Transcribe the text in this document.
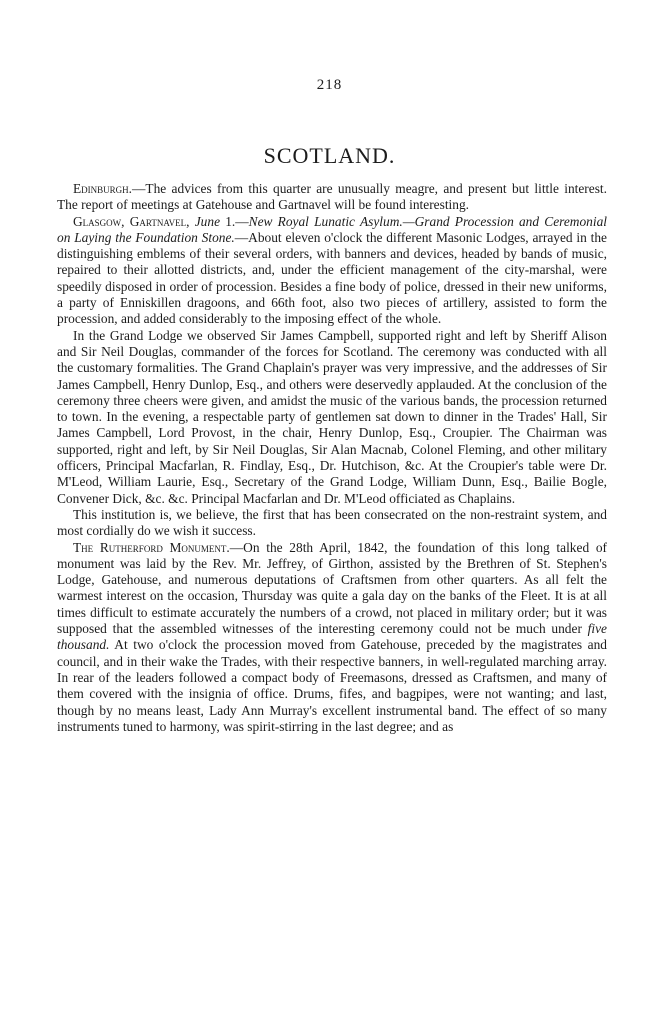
218
SCOTLAND.

Edinburgh.—The advices from this quarter are unusually meagre, and present but little interest. The report of meetings at Gatehouse and Gartnavel will be found interesting.

Glasgow, Gartnavel, June 1.—New Royal Lunatic Asylum.—Grand Procession and Ceremonial on Laying the Foundation Stone.—About eleven o'clock the different Masonic Lodges, arrayed in the distinguishing emblems of their several orders, with banners and devices, headed by bands of music, repaired to their allotted districts, and, under the efficient management of the city-marshal, were speedily disposed in order of procession. Besides a fine body of police, dressed in their new uniforms, a party of Enniskillen dragoons, and 66th foot, also two pieces of artillery, assisted to form the procession, and added considerably to the imposing effect of the whole.

In the Grand Lodge we observed Sir James Campbell, supported right and left by Sheriff Alison and Sir Neil Douglas, commander of the forces for Scotland. The ceremony was conducted with all the customary formalities. The Grand Chaplain's prayer was very impressive, and the addresses of Sir James Campbell, Henry Dunlop, Esq., and others were deservedly applauded. At the conclusion of the ceremony three cheers were given, and amidst the music of the various bands, the procession returned to town. In the evening, a respectable party of gentlemen sat down to dinner in the Trades' Hall, Sir James Campbell, Lord Provost, in the chair, Henry Dunlop, Esq., Croupier. The Chairman was supported, right and left, by Sir Neil Douglas, Sir Alan Macnab, Colonel Fleming, and other military officers, Principal Macfarlan, R. Findlay, Esq., Dr. Hutchison, &c. At the Croupier's table were Dr. M'Leod, William Laurie, Esq., Secretary of the Grand Lodge, William Dunn, Esq., Bailie Bogle, Convener Dick, &c. &c. Principal Macfarlan and Dr. M'Leod officiated as Chaplains.

This institution is, we believe, the first that has been consecrated on the non-restraint system, and most cordially do we wish it success.

The Rutherford Monument.—On the 28th April, 1842, the foundation of this long talked of monument was laid by the Rev. Mr. Jeffrey, of Girthon, assisted by the Brethren of St. Stephen's Lodge, Gatehouse, and numerous deputations of Craftsmen from other quarters. As all felt the warmest interest on the occasion, Thursday was quite a gala day on the banks of the Fleet. It is at all times difficult to estimate accurately the numbers of a crowd, not placed in military order; but it was supposed that the assembled witnesses of the interesting ceremony could not be much under five thousand. At two o'clock the procession moved from Gatehouse, preceded by the magistrates and council, and in their wake the Trades, with their respective banners, in well-regulated marching array. In rear of the leaders followed a compact body of Freemasons, dressed as Craftsmen, and many of them covered with the insignia of office. Drums, fifes, and bagpipes, were not wanting; and last, though by no means least, Lady Ann Murray's excellent instrumental band. The effect of so many instruments tuned to harmony, was spirit-stirring in the last degree; and as
